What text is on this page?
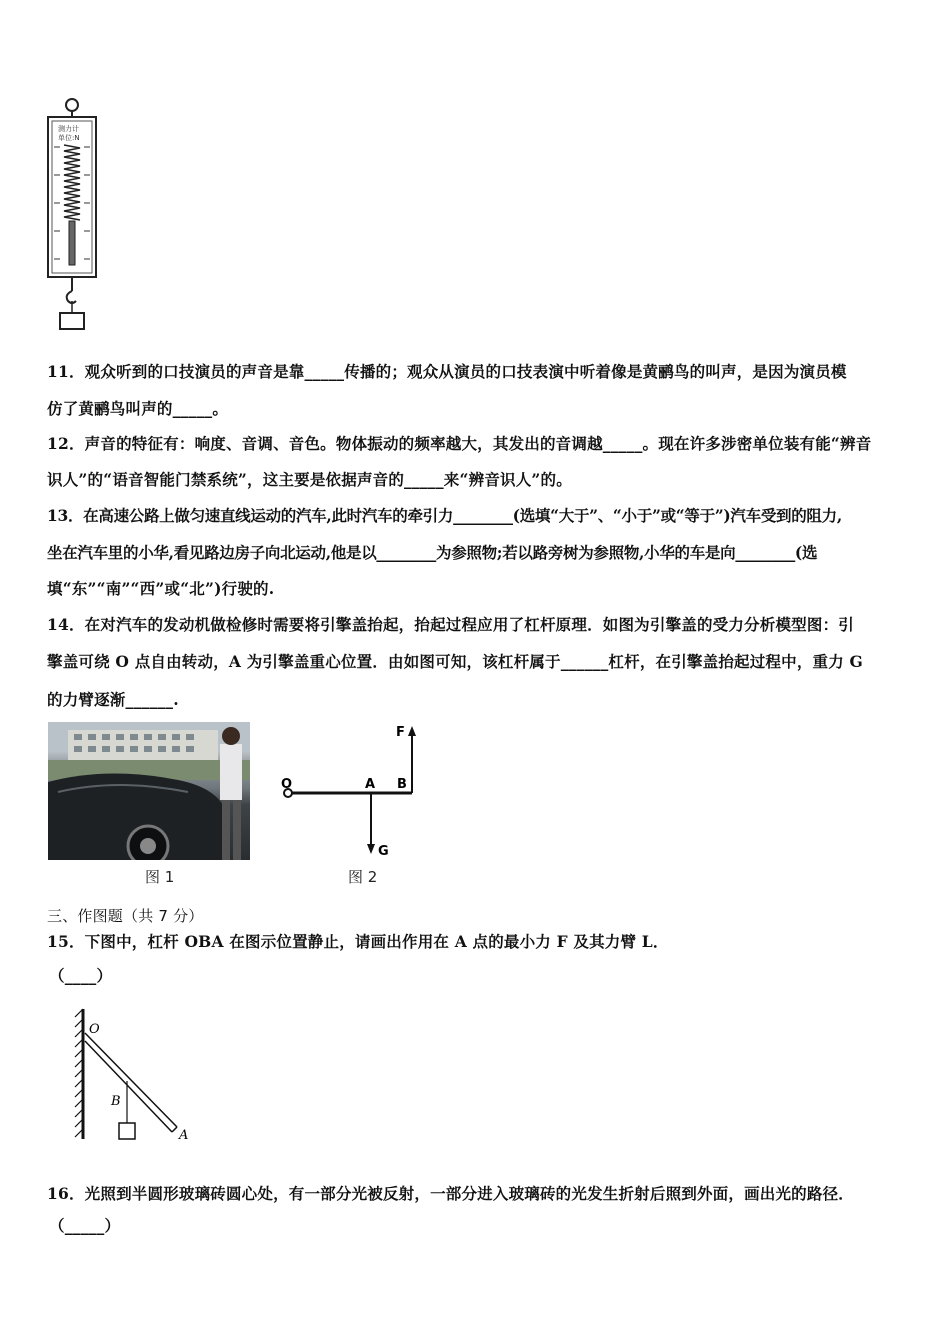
测力计
单位:N
11．观众听到的口技演员的声音是靠_____传播的；观众从演员的口技表演中听着像是黄鹂鸟的叫声，是因为演员模
仿了黄鹂鸟叫声的_____。
12．声音的特征有：响度、音调、音色。物体振动的频率越大，其发出的音调越_____。现在许多涉密单位装有能“辨音
识人”的“语音智能门禁系统”，这主要是依据声音的_____来“辨音识人”的。
13．在高速公路上做匀速直线运动的汽车,此时汽车的牵引力________(选填“大于”、“小于”或“等于”)汽车受到的阻力,
坐在汽车里的小华,看见路边房子向北运动,他是以________为参照物;若以路旁树为参照物,小华的车是向________(选
填“东”“南”“西”或“北”)行驶的.
14．在对汽车的发动机做检修时需要将引擎盖抬起，抬起过程应用了杠杆原理．如图为引擎盖的受力分析模型图：引
擎盖可绕 O 点自由转动，A 为引擎盖重心位置．由如图可知，该杠杆属于______杠杆，在引擎盖抬起过程中，重力 G
的力臂逐渐______.
图 1
O	A B
F
G
图 2
三、作图题（共 7 分）
15．下图中，杠杆 OBA 在图示位置静止，请画出作用在 A 点的最小力 F 及其力臂 L．
（____）
O
B
A
16．光照到半圆形玻璃砖圆心处，有一部分光被反射，一部分进入玻璃砖的光发生折射后照到外面，画出光的路径．
（_____）
